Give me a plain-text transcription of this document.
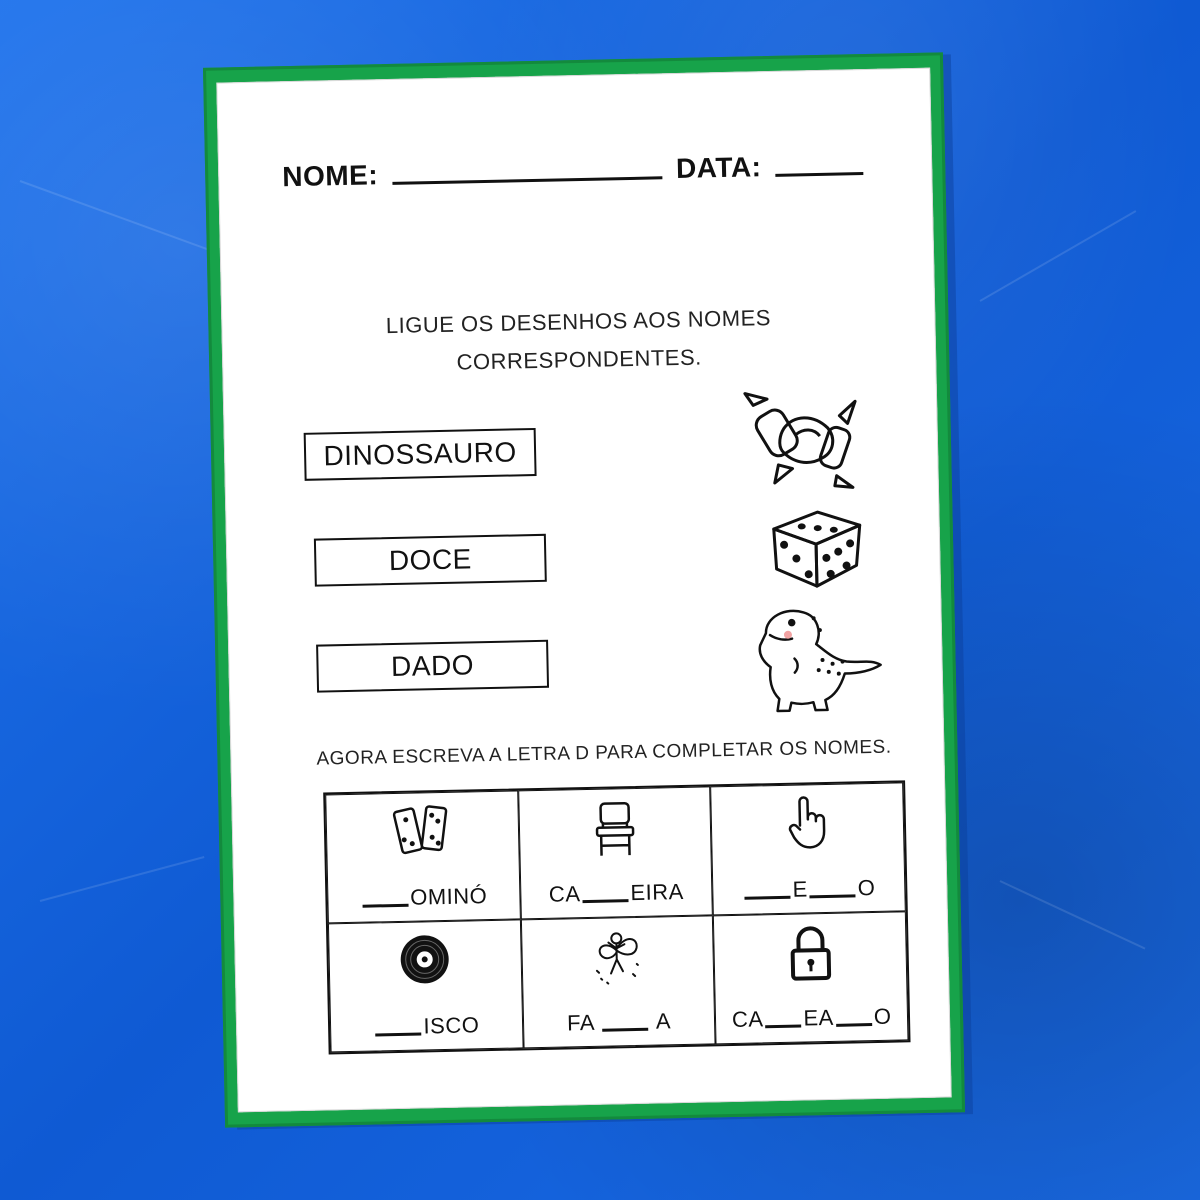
NOME:	DATA:
LIGUE OS DESENHOS AOS NOMES
CORRESPONDENTES.
DINOSSAURO
DOCE
DADO
AGORA ESCREVA A LETRA D PARA COMPLETAR OS NOMES.
OMINÓ	CA EIRA	E O
ISCO	FA  A	CA EA O
